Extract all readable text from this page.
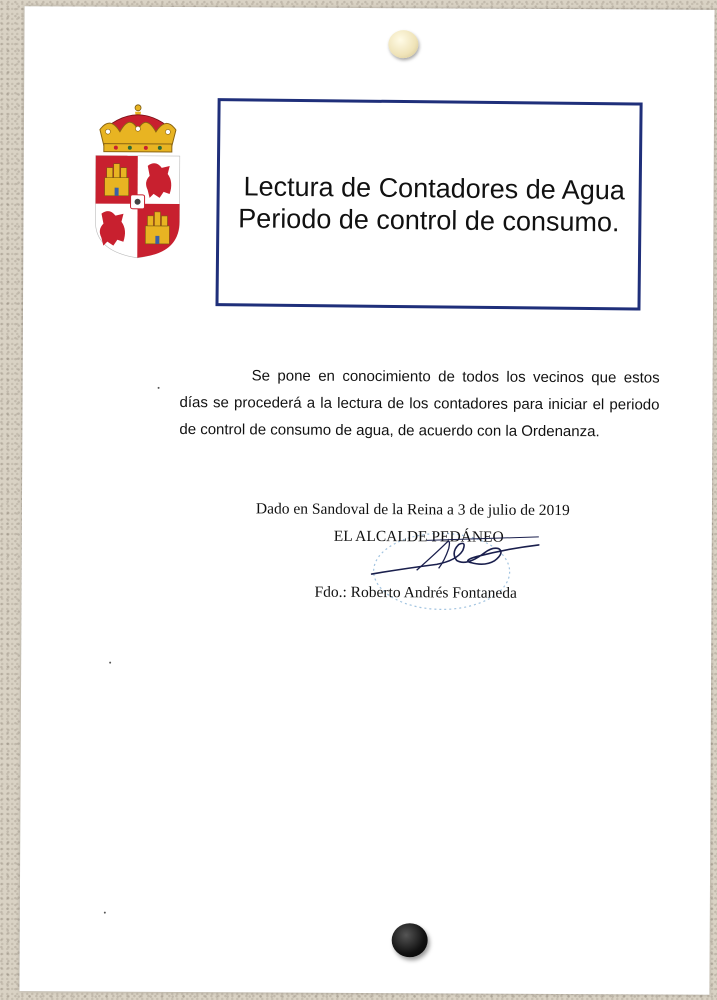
Lectura de Contadores de Agua
Periodo de control de consumo.

Se pone en conocimiento de todos los vecinos que estos días se procederá a la lectura de los contadores para iniciar el periodo de control de consumo de agua, de acuerdo con la Ordenanza.

Dado en Sandoval de la Reina a 3 de julio de 2019
EL ALCALDE PEDÁNEO
Fdo.: Roberto Andrés Fontaneda
